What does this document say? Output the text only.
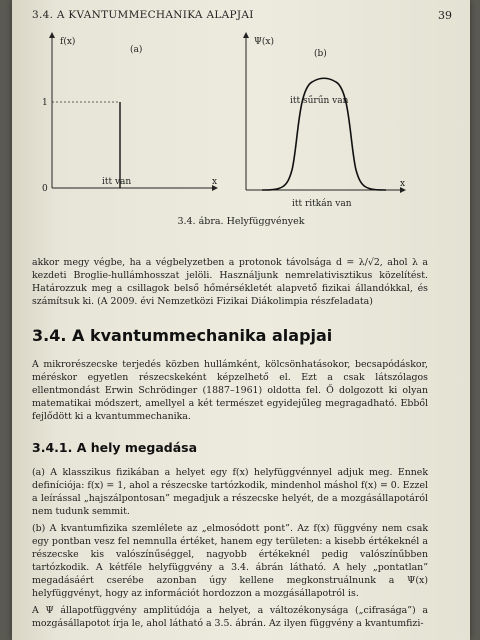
3.4. A KVANTUMMECHANIKA ALAPJAI	39
f(x)
(a)
1
0
x
itt van
Ψ(x)
(b)
x
itt sűrűn van
itt ritkán van
3.4. ábra. Helyfüggvények

akkor megy végbe, ha a végbelyzetben a protonok távolsága d = λ/√2, ahol λ a kezdeti Broglie-hullámhosszat jelöli. Használjunk nemrelativisztikus közelítést. Határozzuk meg a csillagok belső hőmérsékletét alapvető fizikai állandókkal, és számítsuk ki. (A 2009. évi Nemzetközi Fizikai Diákolimpia részfeladata)

3.4. A kvantummechanika alapjai

A mikrorészecske terjedés közben hullámként, kölcsönhatásokor, becsapódáskor, méréskor egyetlen részecskeként képzelhető el. Ezt a csak látszólagos ellentmondást Erwin Schrödinger (1887–1961) oldotta fel. Ő dolgozott ki olyan matematikai módszert, amellyel a két természet egyidejűleg megragadható. Ebből fejlődött ki a kvantummechanika.

3.4.1. A hely megadása

(a) A klasszikus fizikában a helyet egy f(x) helyfüggvénnyel adjuk meg. Ennek definíciója: f(x) = 1, ahol a részecske tartózkodik, mindenhol máshol f(x) = 0. Ezzel a leírással „hajszálpontosan” megadjuk a részecske helyét, de a mozgásállapotáról nem tudunk semmit.

(b) A kvantumfizika szemlélete az „elmosódott pont”. Az f(x) függvény nem csak egy pontban vesz fel nemnulla értéket, hanem egy területen: a kisebb értékeknél a részecske kis valószínűséggel, nagyobb értékeknél pedig valószínűbben tartózkodik. A kétféle helyfüggvény a 3.4. ábrán látható. A hely „pontatlan” megadásáért cserébe azonban úgy kellene megkonstruálnunk a Ψ(x) helyfüggvényt, hogy az információt hordozzon a mozgásállapotról is.

A Ψ állapotfüggvény amplitúdója a helyet, a változékonysága („cifrasága”) a mozgásállapotot írja le, ahol látható a 3.5. ábrán. Az ilyen függvény a kvantumfizi-
